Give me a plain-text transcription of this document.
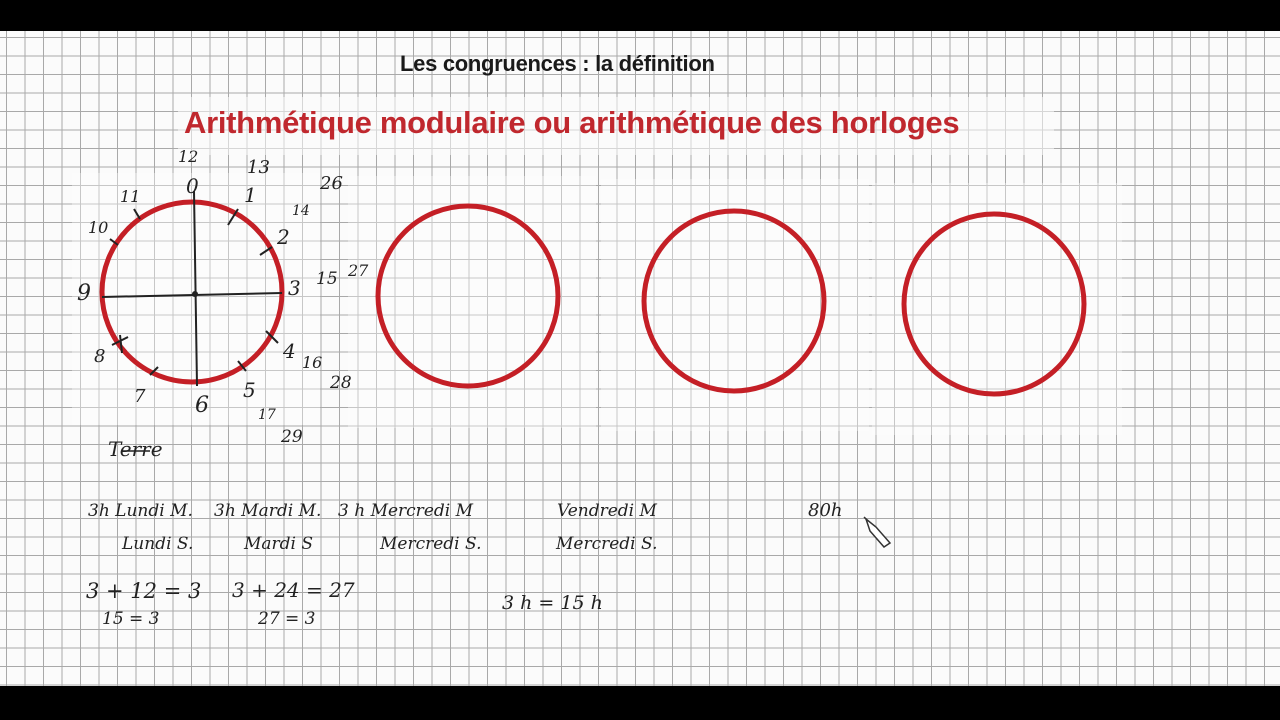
Les congruences : la définition
Arithmétique modulaire ou arithmétique des horloges
0 1
2
3
4
5
6
7
8
9
10
11
12
13
14
15
16
17
26
27
28
29
Terre
3h Lundi M.
Lundi S.
3h Mardi M.
Mardi S
3 h Mercredi M
Mercredi S.
Vendredi M
Mercredi S.
80h
3 + 12 = 3
15 = 3
3 + 24 = 27
27 = 3
3 h = 15 h
